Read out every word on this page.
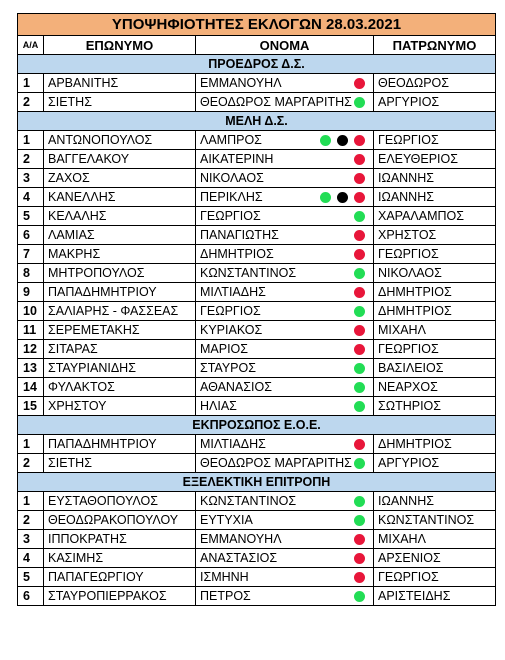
ΥΠΟΨΗΦΙΟΤΗΤΕΣ ΕΚΛΟΓΩΝ 28.03.2021			
Α/Α	ΕΠΩΝΥΜΟ	ΟΝΟΜΑ	ΠΑΤΡΩΝΥΜΟ
ΠΡΟΕΔΡΟΣ Δ.Σ.			
1	ΑΡΒΑΝΙΤΗΣ	ΕΜΜΑΝΟΥΗΛ	ΘΕΟΔΩΡΟΣ
2	ΣΙΕΤΗΣ	ΘΕΟΔΩΡΟΣ ΜΑΡΓΑΡΙΤΗΣ	ΑΡΓΥΡΙΟΣ
ΜΕΛΗ Δ.Σ.			
1	ΑΝΤΩΝΟΠΟΥΛΟΣ	ΛΑΜΠΡΟΣ	ΓΕΩΡΓΙΟΣ
2	ΒΑΓΓΕΛΑΚΟΥ	ΑΙΚΑΤΕΡΙΝΗ	ΕΛΕΥΘΕΡΙΟΣ
3	ΖΑΧΟΣ	ΝΙΚΟΛΑΟΣ	ΙΩΑΝΝΗΣ
4	ΚΑΝΕΛΛΗΣ	ΠΕΡΙΚΛΗΣ	ΙΩΑΝΝΗΣ
5	ΚΕΛΑΛΗΣ	ΓΕΩΡΓΙΟΣ	ΧΑΡΑΛΑΜΠΟΣ
6	ΛΑΜΙΑΣ	ΠΑΝΑΓΙΩΤΗΣ	ΧΡΗΣΤΟΣ
7	ΜΑΚΡΗΣ	ΔΗΜΗΤΡΙΟΣ	ΓΕΩΡΓΙΟΣ
8	ΜΗΤΡΟΠΟΥΛΟΣ	ΚΩΝΣΤΑΝΤΙΝΟΣ	ΝΙΚΟΛΑΟΣ
9	ΠΑΠΑΔΗΜΗΤΡΙΟΥ	ΜΙΛΤΙΑΔΗΣ	ΔΗΜΗΤΡΙΟΣ
10	ΣΑΛΙΑΡΗΣ - ΦΑΣΣΕΑΣ	ΓΕΩΡΓΙΟΣ	ΔΗΜΗΤΡΙΟΣ
11	ΣΕΡΕΜΕΤΑΚΗΣ	ΚΥΡΙΑΚΟΣ	ΜΙΧΑΗΛ
12	ΣΙΤΑΡΑΣ	ΜΑΡΙΟΣ	ΓΕΩΡΓΙΟΣ
13	ΣΤΑΥΡΙΑΝΙΔΗΣ	ΣΤΑΥΡΟΣ	ΒΑΣΙΛΕΙΟΣ
14	ΦΥΛΑΚΤΟΣ	ΑΘΑΝΑΣΙΟΣ	ΝΕΑΡΧΟΣ
15	ΧΡΗΣΤΟΥ	ΗΛΙΑΣ	ΣΩΤΗΡΙΟΣ
ΕΚΠΡΟΣΩΠΟΣ Ε.Ο.Ε.			
1	ΠΑΠΑΔΗΜΗΤΡΙΟΥ	ΜΙΛΤΙΑΔΗΣ	ΔΗΜΗΤΡΙΟΣ
2	ΣΙΕΤΗΣ	ΘΕΟΔΩΡΟΣ ΜΑΡΓΑΡΙΤΗΣ	ΑΡΓΥΡΙΟΣ
ΕΞΕΛΕΚΤΙΚΗ ΕΠΙΤΡΟΠΗ			
1	ΕΥΣΤΑΘΟΠΟΥΛΟΣ	ΚΩΝΣΤΑΝΤΙΝΟΣ	ΙΩΑΝΝΗΣ
2	ΘΕΟΔΩΡΑΚΟΠΟΥΛΟΥ	ΕΥΤΥΧΙΑ	ΚΩΝΣΤΑΝΤΙΝΟΣ
3	ΙΠΠΟΚΡΑΤΗΣ	ΕΜΜΑΝΟΥΗΛ	ΜΙΧΑΗΛ
4	ΚΑΣΙΜΗΣ	ΑΝΑΣΤΑΣΙΟΣ	ΑΡΣΕΝΙΟΣ
5	ΠΑΠΑΓΕΩΡΓΙΟΥ	ΙΣΜΗΝΗ	ΓΕΩΡΓΙΟΣ
6	ΣΤΑΥΡΟΠΙΕΡΡΑΚΟΣ	ΠΕΤΡΟΣ	ΑΡΙΣΤΕΙΔΗΣ
